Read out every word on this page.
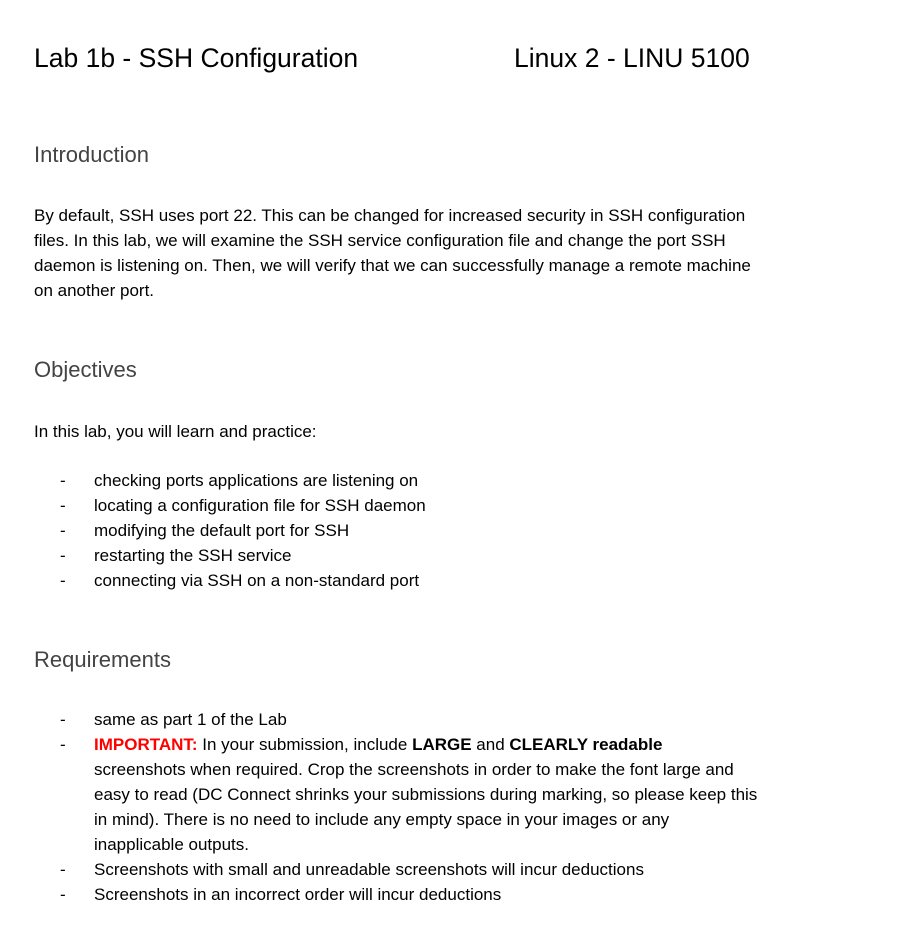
Lab 1b - SSH Configuration	Linux 2 - LINU 5100
Introduction
By default, SSH uses port 22. This can be changed for increased security in SSH configuration
files. In this lab, we will examine the SSH service configuration file and change the port SSH
daemon is listening on. Then, we will verify that we can successfully manage a remote machine
on another port.
Objectives
In this lab, you will learn and practice:
- checking ports applications are listening on
- locating a configuration file for SSH daemon
- modifying the default port for SSH
- restarting the SSH service
- connecting via SSH on a non-standard port
Requirements
- same as part 1 of the Lab
- IMPORTANT: In your submission, include LARGE and CLEARLY readable
screenshots when required. Crop the screenshots in order to make the font large and
easy to read (DC Connect shrinks your submissions during marking, so please keep this
in mind). There is no need to include any empty space in your images or any
inapplicable outputs.
- Screenshots with small and unreadable screenshots will incur deductions
- Screenshots in an incorrect order will incur deductions
